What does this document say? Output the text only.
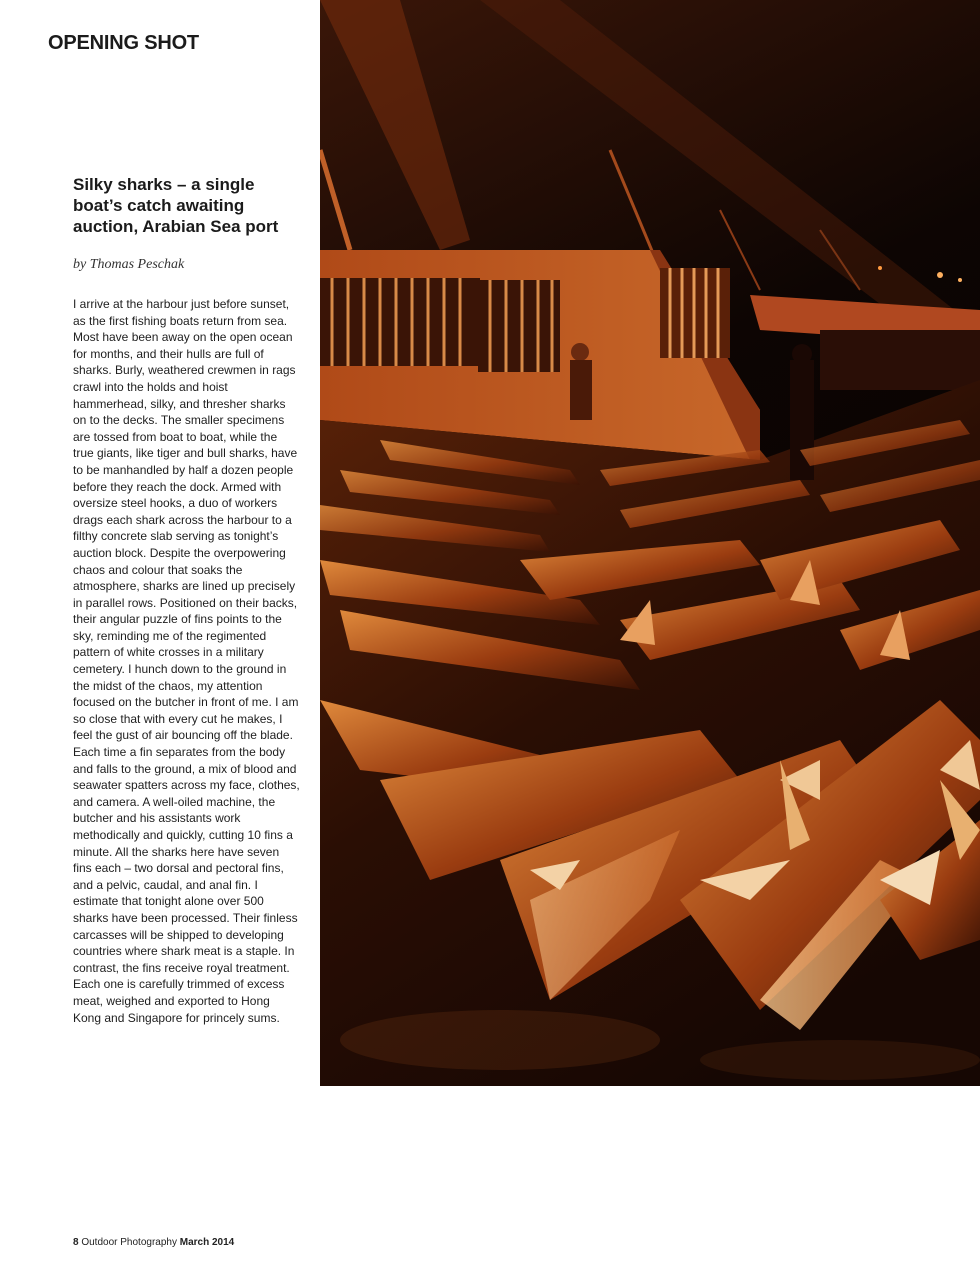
OPENING SHOT
Silky sharks – a single boat’s catch awaiting auction, Arabian Sea port
by Thomas Peschak

I arrive at the harbour just before sunset, as the first fishing boats return from sea. Most have been away on the open ocean for months, and their hulls are full of sharks. Burly, weathered crewmen in rags crawl into the holds and hoist hammerhead, silky, and thresher sharks on to the decks. The smaller specimens are tossed from boat to boat, while the true giants, like tiger and bull sharks, have to be manhandled by half a dozen people before they reach the dock. Armed with oversize steel hooks, a duo of workers drags each shark across the harbour to a filthy concrete slab serving as tonight’s auction block. Despite the overpowering chaos and colour that soaks the atmosphere, sharks are lined up precisely in parallel rows. Positioned on their backs, their angular puzzle of fins points to the sky, reminding me of the regimented pattern of white crosses in a military cemetery. I hunch down to the ground in the midst of the chaos, my attention focused on the butcher in front of me. I am so close that with every cut he makes, I feel the gust of air bouncing off the blade. Each time a fin separates from the body and falls to the ground, a mix of blood and seawater spatters across my face, clothes, and camera. A well-oiled machine, the butcher and his assistants work methodically and quickly, cutting 10 fins a minute. All the sharks here have seven fins each – two dorsal and pectoral fins, and a pelvic, caudal, and anal fin. I estimate that tonight alone over 500 sharks have been processed. Their finless carcasses will be shipped to developing countries where shark meat is a staple. In contrast, the fins receive royal treatment. Each one is carefully trimmed of excess meat, weighed and exported to Hong Kong and Singapore for princely sums.

8 Outdoor Photography March 2014
